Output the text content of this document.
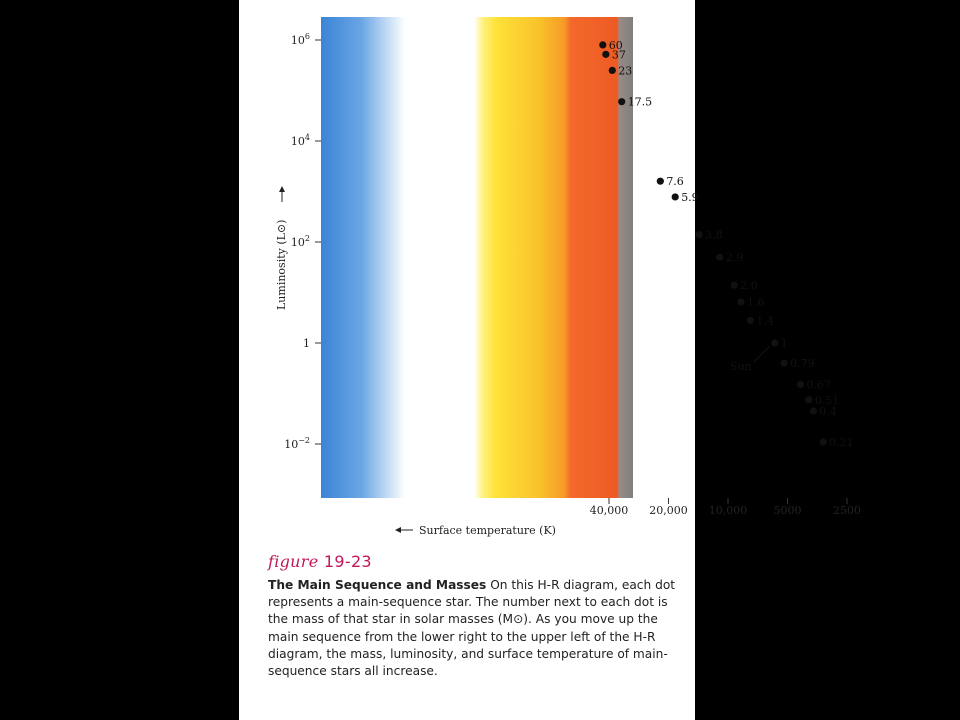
40,000 20,000 10,000 5000	2500
$10^6$
$10^4$
$10^2$
1
$10^{-2}$
60
37
23
17.5
7.6
5.9
3.8
2.9
2.0
1.6
1.4
1
0.79
0.67
0.51
0.4
0.21
Sun
Surface temperature (K)
Luminosity (L⊙)
figure 19-23

The Main Sequence and Masses On this H-R diagram, each dot represents a main-sequence star. The number next to each dot is the mass of that star in solar masses (M⊙). As you move up the main sequence from the lower right to the upper left of the H-R diagram, the mass, luminosity, and surface temperature of main-sequence stars all increase.
